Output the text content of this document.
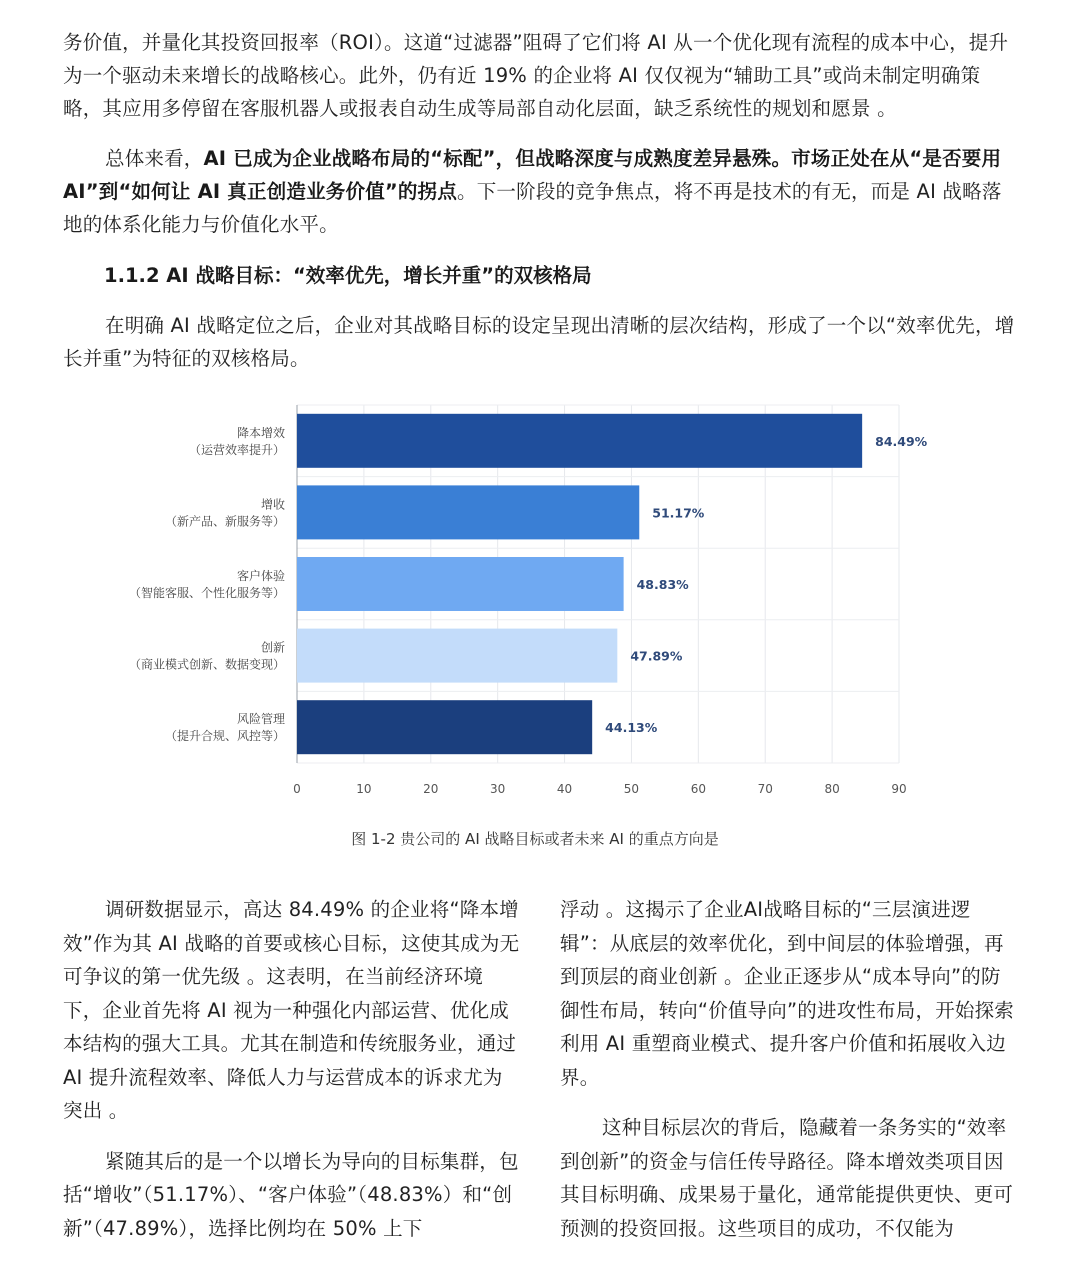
务价值，并量化其投资回报率（ROI）。这道“过滤器”阻碍了它们将 AI 从一个优化现有流程的成本中心，提升为一个驱动未来增长的战略核心。此外，仍有近 19% 的企业将 AI 仅仅视为“辅助工具”或尚未制定明确策略，其应用多停留在客服机器人或报表自动生成等局部自动化层面，缺乏系统性的规划和愿景 。

总体来看，AI 已成为企业战略布局的“标配”，但战略深度与成熟度差异悬殊。市场正处在从“是否要用 AI”到“如何让 AI 真正创造业务价值”的拐点。下一阶段的竞争焦点，将不再是技术的有无，而是 AI 战略落地的体系化能力与价值化水平。

1.1.2 AI 战略目标：“效率优先，增长并重”的双核格局

在明确 AI 战略定位之后，企业对其战略目标的设定呈现出清晰的层次结构，形成了一个以“效率优先，增长并重”为特征的双核格局。

84.49%
降本增效
（运营效率提升）
51.17%
增收
（新产品、新服务等）
48.83%
客户体验
（智能客服、个性化服务等）
47.89%
创新
（商业模式创新、数据变现）
44.13%
风险管理
（提升合规、风控等）
0	10	20	30	40	50	60	70	80	90

图 1-2 贵公司的 AI 战略目标或者未来 AI 的重点方向是

调研数据显示，高达 84.49% 的企业将“降本增效”作为其 AI 战略的首要或核心目标，这使其成为无可争议的第一优先级 。这表明，在当前经济环境下，企业首先将 AI 视为一种强化内部运营、优化成本结构的强大工具。尤其在制造和传统服务业，通过 AI 提升流程效率、降低人力与运营成本的诉求尤为突出 。

紧随其后的是一个以增长为导向的目标集群，包括“增收”（51.17%）、“客户体验”（48.83%）和“创新”（47.89%），选择比例均在 50% 上下

浮动 。这揭示了企业AI战略目标的“三层演进逻辑”：从底层的效率优化，到中间层的体验增强，再到顶层的商业创新 。企业正逐步从“成本导向”的防御性布局，转向“价值导向”的进攻性布局，开始探索利用 AI 重塑商业模式、提升客户价值和拓展收入边界。

这种目标层次的背后，隐藏着一条务实的“效率到创新”的资金与信任传导路径。降本增效类项目因其目标明确、成果易于量化，通常能提供更快、更可预测的投资回报。这些项目的成功，不仅能为
